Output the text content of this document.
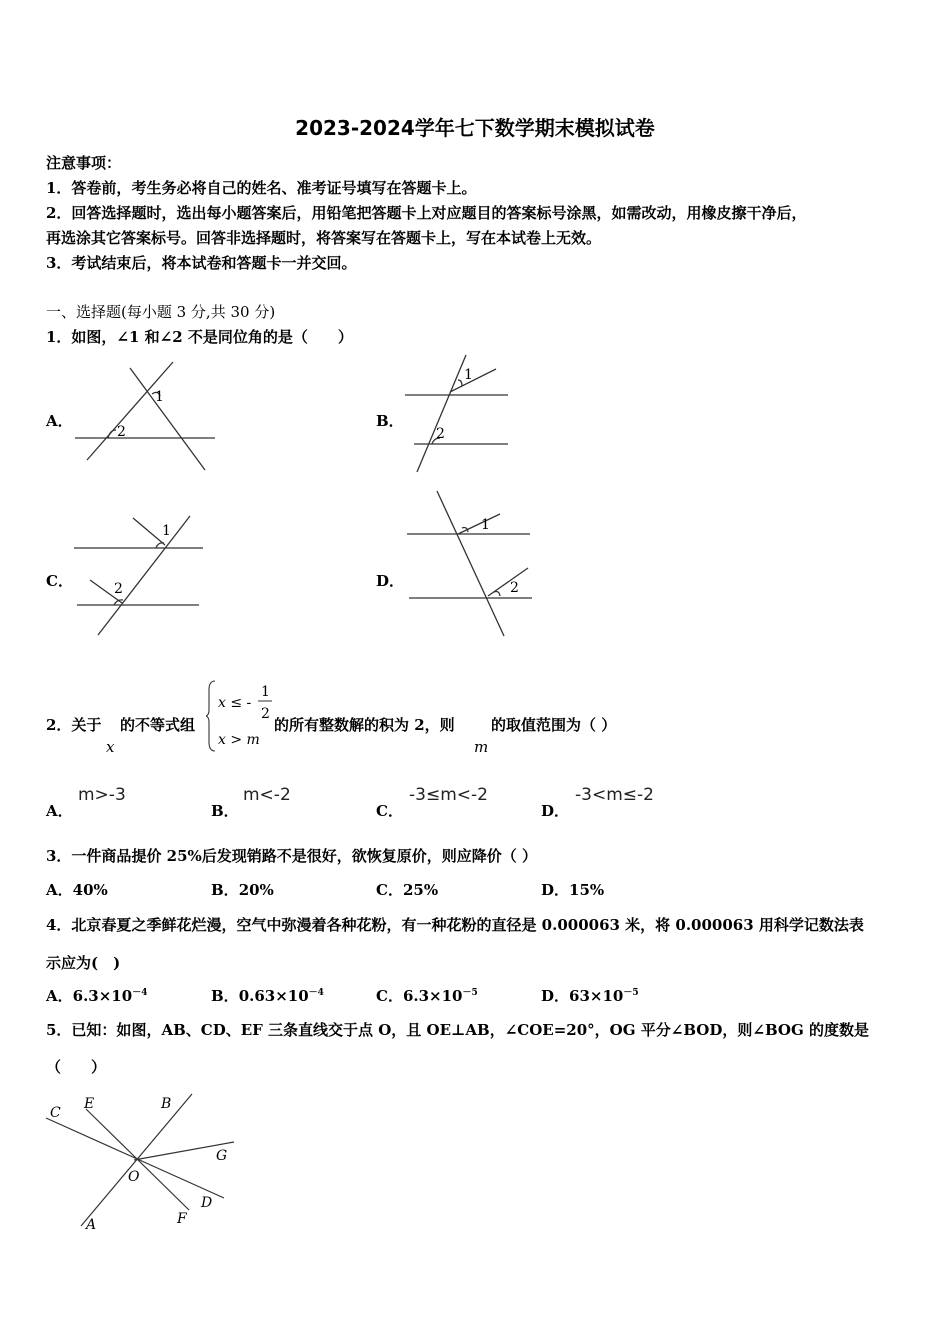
2023-2024学年七下数学期末模拟试卷
注意事项：
1．答卷前，考生务必将自己的姓名、准考证号填写在答题卡上。
2．回答选择题时，选出每小题答案后，用铅笔把答题卡上对应题目的答案标号涂黑，如需改动，用橡皮擦干净后，
再选涂其它答案标号。回答非选择题时，将答案写在答题卡上，写在本试卷上无效。
3．考试结束后，将本试卷和答题卡一并交回。
一、选择题(每小题 3 分,共 30 分)
1．如图，∠1 和∠2 不是同位角的是（　　）
A．
1
2
B．
1
2
C．
1
2	D．
1
2
2．关于
x
的不等式组
x ≤ -
1
2
x > m
的所有整数解的积为 2，则
m
的取值范围为（ ）
A．
m>-3
B．
m<-2
C．
-3≤m<-2
D．
-3<m≤-2
3．一件商品提价 25%后发现销路不是很好，欲恢复原价，则应降价（ ）
A．40%	B．20%	C．25%	D．15%
4．北京春夏之季鲜花烂漫，空气中弥漫着各种花粉，有一种花粉的直径是 0.000063 米，将 0.000063 用科学记数法表
示应为(　)
A．$6.3\times 10^{-4}$	B．$0.63\times 10^{-4}$	C．$6.3\times 10^{-5}$	D．$63\times 10^{-5}$
5．已知：如图，AB、CD、EF 三条直线交于点 O，且 OE⊥AB，∠COE=20°，OG 平分∠BOD，则∠BOG 的度数是
（　　）
C
E	B
G
O
D
F
A
